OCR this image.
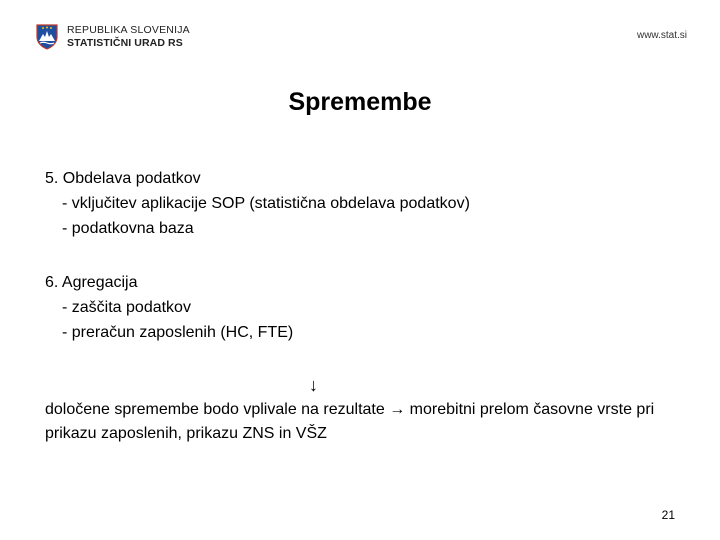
REPUBLIKA SLOVENIJA
STATISTIČNI URAD RS
www.stat.si
Spremembe
5. Obdelava podatkov
- vključitev aplikacije SOP (statistična obdelava podatkov)
- podatkovna baza
6. Agregacija
- zaščita podatkov
- preračun zaposlenih (HC, FTE)
↓
določene spremembe bodo vplivale na rezultate → morebitni prelom časovne vrste pri prikazu zaposlenih, prikazu ZNS in VŠZ
21
